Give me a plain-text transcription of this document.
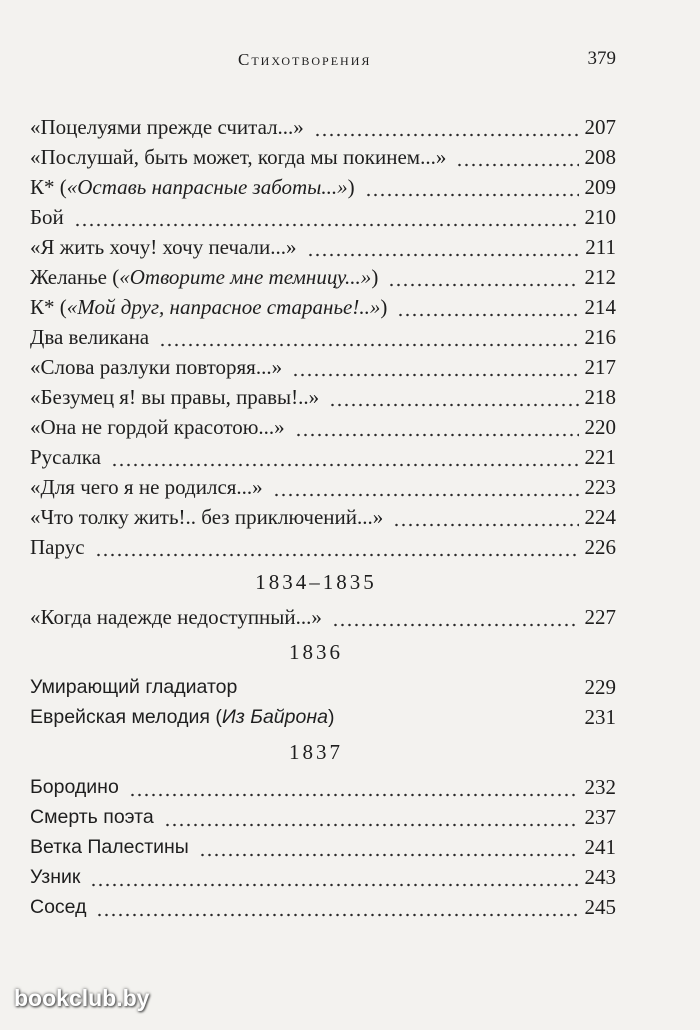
Стихотворения	379
«Поцелуями прежде считал...»	207
«Послушай, быть может, когда мы покинем...»	208
К* («Оставь напрасные заботы...»)	209
Бой	210
«Я жить хочу! хочу печали...»	211
Желанье («Отворите мне темницу...»)	212
К* («Мой друг, напрасное старанье!..»)	214
Два великана	216
«Слова разлуки повторяя...»	217
«Безумец я! вы правы, правы!..»	218
«Она не гордой красотою...»	220
Русалка	221
«Для чего я не родился...»	223
«Что толку жить!.. без приключений...»	224
Парус	226
1834–1835
«Когда надежде недоступный...»	227
1836
Умирающий гладиатор	229
Еврейская мелодия (Из Байрона)	231
1837
Бородино	232
Смерть поэта	237
Ветка Палестины	241
Узник	243
Сосед	245
bookclub.by
